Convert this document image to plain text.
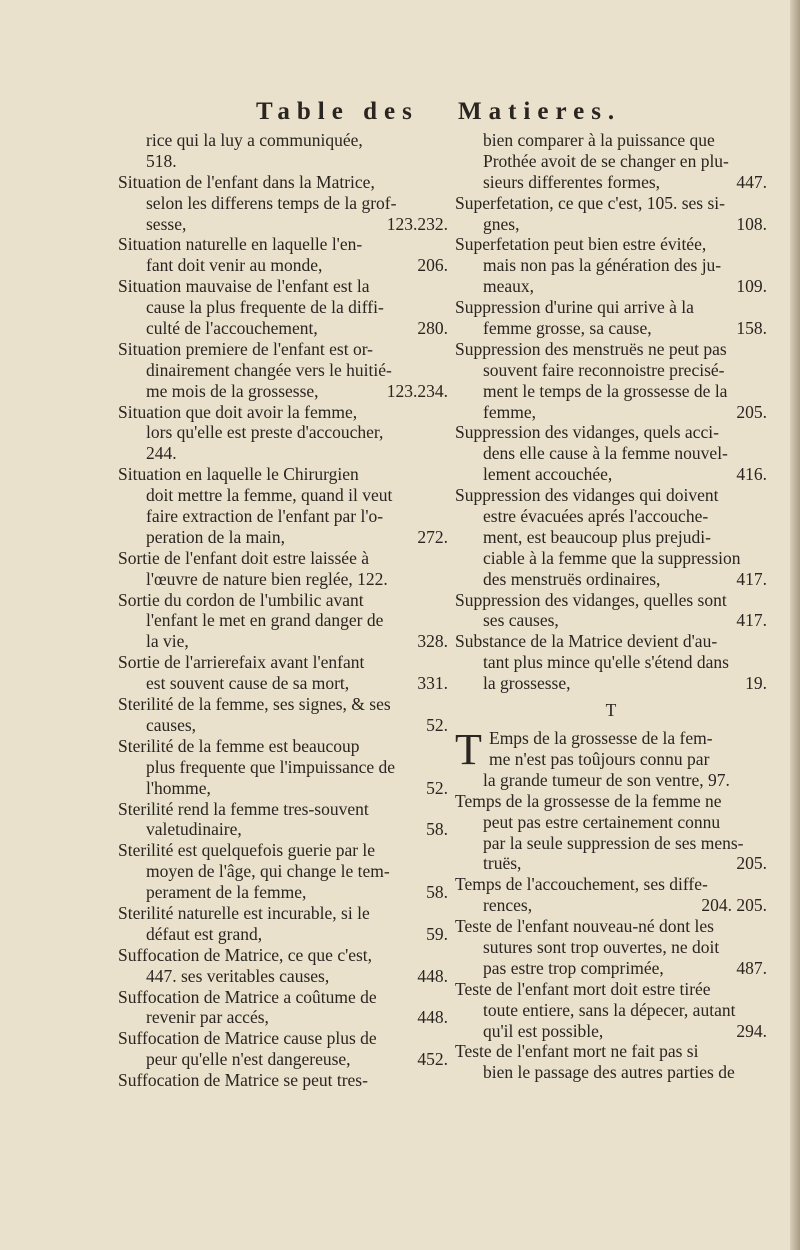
Table des Matieres.
rice qui la luy a communiquée,
518.
Situation de l'enfant dans la Matrice,
selon les differens temps de la grof-
sesse,	123.232.
Situation naturelle en laquelle l'en-
fant doit venir au monde,	206.
Situation mauvaise de l'enfant est la
cause la plus frequente de la diffi-
culté de l'accouchement,	280.
Situation premiere de l'enfant est or-
dinairement changée vers le huitié-
me mois de la grossesse,	123.234.
Situation que doit avoir la femme,
lors qu'elle est preste d'accoucher,
244.
Situation en laquelle le Chirurgien
doit mettre la femme, quand il veut
faire extraction de l'enfant par l'o-
peration de la main,	272.
Sortie de l'enfant doit estre laissée à
l'œuvre de nature bien reglée, 122.
Sortie du cordon de l'umbilic avant
l'enfant le met en grand danger de
la vie,	328.
Sortie de l'arrierefaix avant l'enfant
est souvent cause de sa mort,	331.
Sterilité de la femme, ses signes, & ses
causes,	52.
Sterilité de la femme est beaucoup
plus frequente que l'impuissance de
l'homme,	52.
Sterilité rend la femme tres-souvent
valetudinaire,	58.
Sterilité est quelquefois guerie par le
moyen de l'âge, qui change le tem-
perament de la femme,	58.
Sterilité naturelle est incurable, si le
défaut est grand,	59.
Suffocation de Matrice, ce que c'est,
447. ses veritables causes,	448.
Suffocation de Matrice a coûtume de
revenir par accés,	448.
Suffocation de Matrice cause plus de
peur qu'elle n'est dangereuse,	452.
Suffocation de Matrice se peut tres-
bien comparer à la puissance que
Prothée avoit de se changer en plu-
sieurs differentes formes,	447.
Superfetation, ce que c'est, 105. ses si-
gnes,	108.
Superfetation peut bien estre évitée,
mais non pas la génération des ju-
meaux,	109.
Suppression d'urine qui arrive à la
femme grosse, sa cause,	158.
Suppression des menstruës ne peut pas
souvent faire reconnoistre precisé-
ment le temps de la grossesse de la
femme,	205.
Suppression des vidanges, quels acci-
dens elle cause à la femme nouvel-
lement accouchée,	416.
Suppression des vidanges qui doivent
estre évacuées aprés l'accouche-
ment, est beaucoup plus prejudi-
ciable à la femme que la suppression
des menstruës ordinaires,	417.
Suppression des vidanges, quelles sont
ses causes,	417.
Substance de la Matrice devient d'au-
tant plus mince qu'elle s'étend dans
la grossesse,	19.
T
T Emps de la grossesse de la fem-
me n'est pas toûjours connu par
la grande tumeur de son ventre, 97.
Temps de la grossesse de la femme ne
peut pas estre certainement connu
par la seule suppression de ses mens-
truës,	205.
Temps de l'accouchement, ses diffe-
rences,	204. 205.
Teste de l'enfant nouveau-né dont les
sutures sont trop ouvertes, ne doit
pas estre trop comprimée,	487.
Teste de l'enfant mort doit estre tirée
toute entiere, sans la dépecer, autant
qu'il est possible,	294.
Teste de l'enfant mort ne fait pas si
bien le passage des autres parties de
